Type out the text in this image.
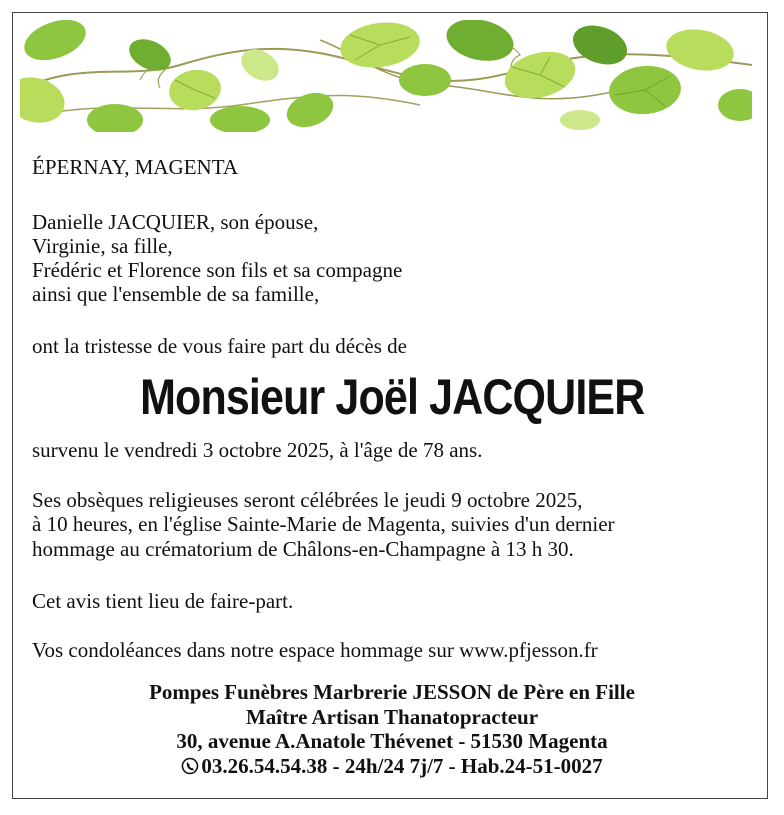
ÉPERNAY, MAGENTA
Danielle JACQUIER, son épouse,
Virginie, sa fille,
Frédéric et Florence son fils et sa compagne
ainsi que l'ensemble de sa famille,
ont la tristesse de vous faire part du décès de
Monsieur Joël JACQUIER
survenu le vendredi 3 octobre 2025, à l'âge de 78 ans.
Ses obsèques religieuses seront célébrées le jeudi 9 octobre 2025,
à 10 heures, en l'église Sainte-Marie de Magenta, suivies d'un dernier
hommage au crématorium de Châlons-en-Champagne à 13 h 30.
Cet avis tient lieu de faire-part.
Vos condoléances dans notre espace hommage sur www.pfjesson.fr
Pompes Funèbres Marbrerie JESSON de Père en Fille
Maître Artisan Thanatopracteur
30, avenue A.Anatole Thévenet - 51530 Magenta
03.26.54.54.38 - 24h/24 7j/7 - Hab.24-51-0027
